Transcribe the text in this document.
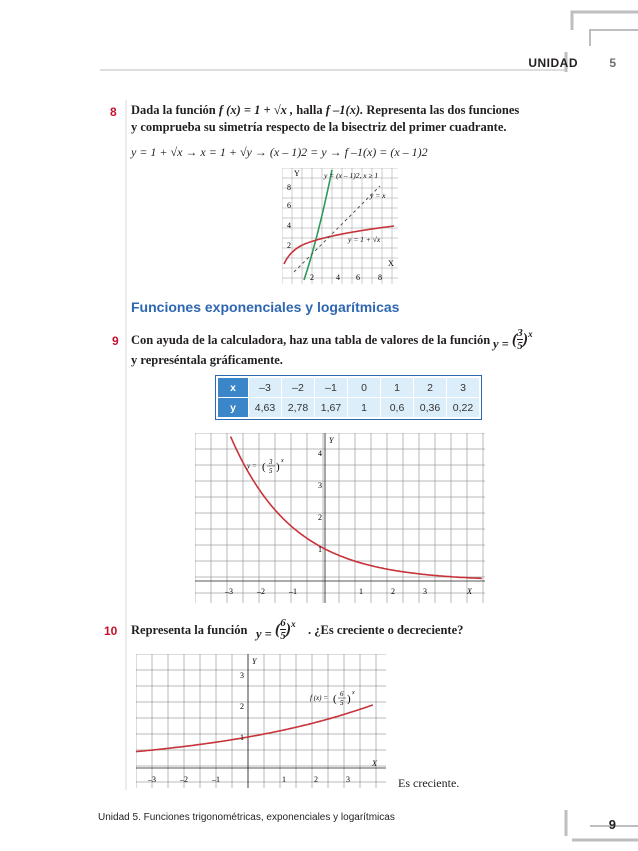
UNIDAD	5
8 Dada la función f (x) = 1 + √x , halla f –1(x). Representa las dos funciones
y comprueba su simetría respecto de la bisectriz del primer cuadrante.
y = 1 + √x → x = 1 + √y → (x – 1)2 = y → f –1(x) = (x – 1)2
Y
X
2	4 6 8
2
4
6
8
y = (x – 1)2, x ≥ 1
y = x
y = 1 + √x
Funciones exponenciales y logarítmicas
9 Con ayuda de la calculadora, haz una tabla de valores de la función y = ( $\frac{3}{5} )^x$
y represéntala gráficamente.
x	–3	–2	–1	0	1	2	3
y	4,63	2,78	1,67	1	0,6	0,36	0,22
Y
X
–3	–2	–1	1	2	3
1
2
3
4
y = ( 3
5 ) x
10 Representa la función y = ( $\frac{6}{5} )^x$ . ¿Es creciente o decreciente?
Y
X
–3	–2	–1	1	2	3
1
2
3
f (x) = ( 6
5 ) x
Es creciente.
Unidad 5. Funciones trigonométricas, exponenciales y logarítmicas	9
